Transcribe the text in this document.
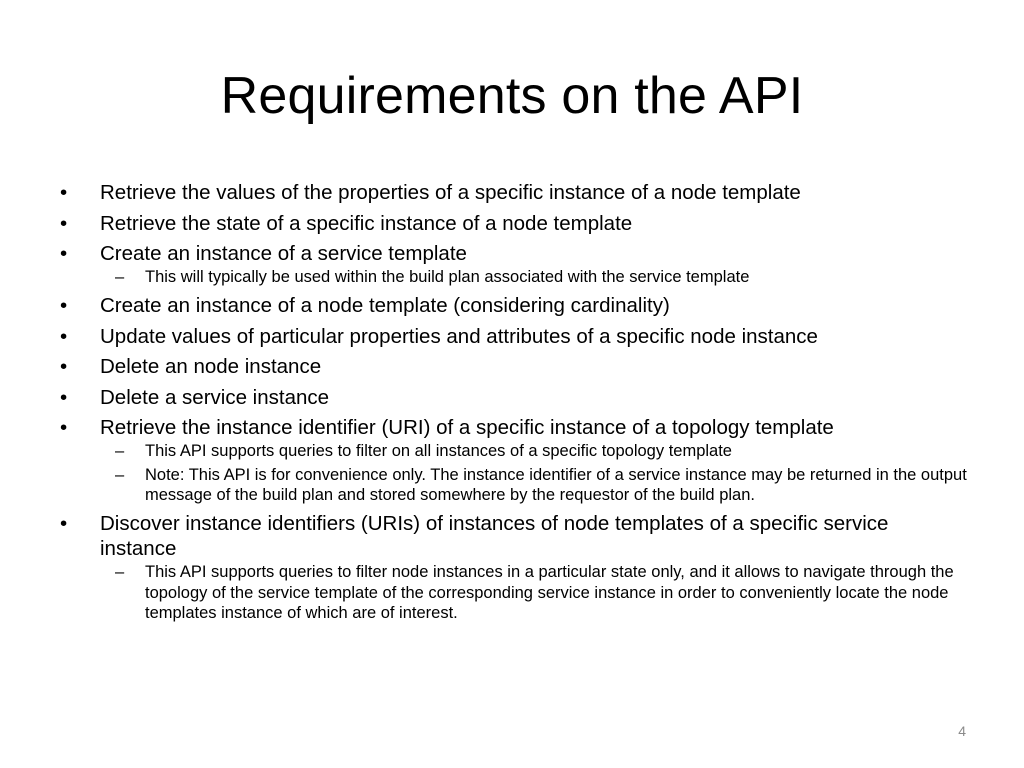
Requirements on the API
•	Retrieve the values of the properties of a specific instance of a node template
•	Retrieve the state of a specific instance of a node template
•	Create an instance of a service template
– This will typically be used within the build plan associated with the service template
•	Create an instance of a node template (considering cardinality)
•	Update values of particular properties and attributes of a specific node instance
•	Delete an node instance
•	Delete a service instance
•	Retrieve the instance identifier (URI) of a specific instance of a topology template
– This API supports queries to filter on all instances of a specific topology template
– Note: This API is for convenience only. The instance identifier of a service instance may be returned in the output message of the build plan and stored somewhere by the requestor of the build plan.
•	Discover instance identifiers (URIs) of instances of node templates of a specific service instance
– This API supports queries to filter node instances in a particular state only, and it allows to navigate through the topology of the service template of the corresponding service instance in order to conveniently locate the node templates instance of which are of interest.
4
